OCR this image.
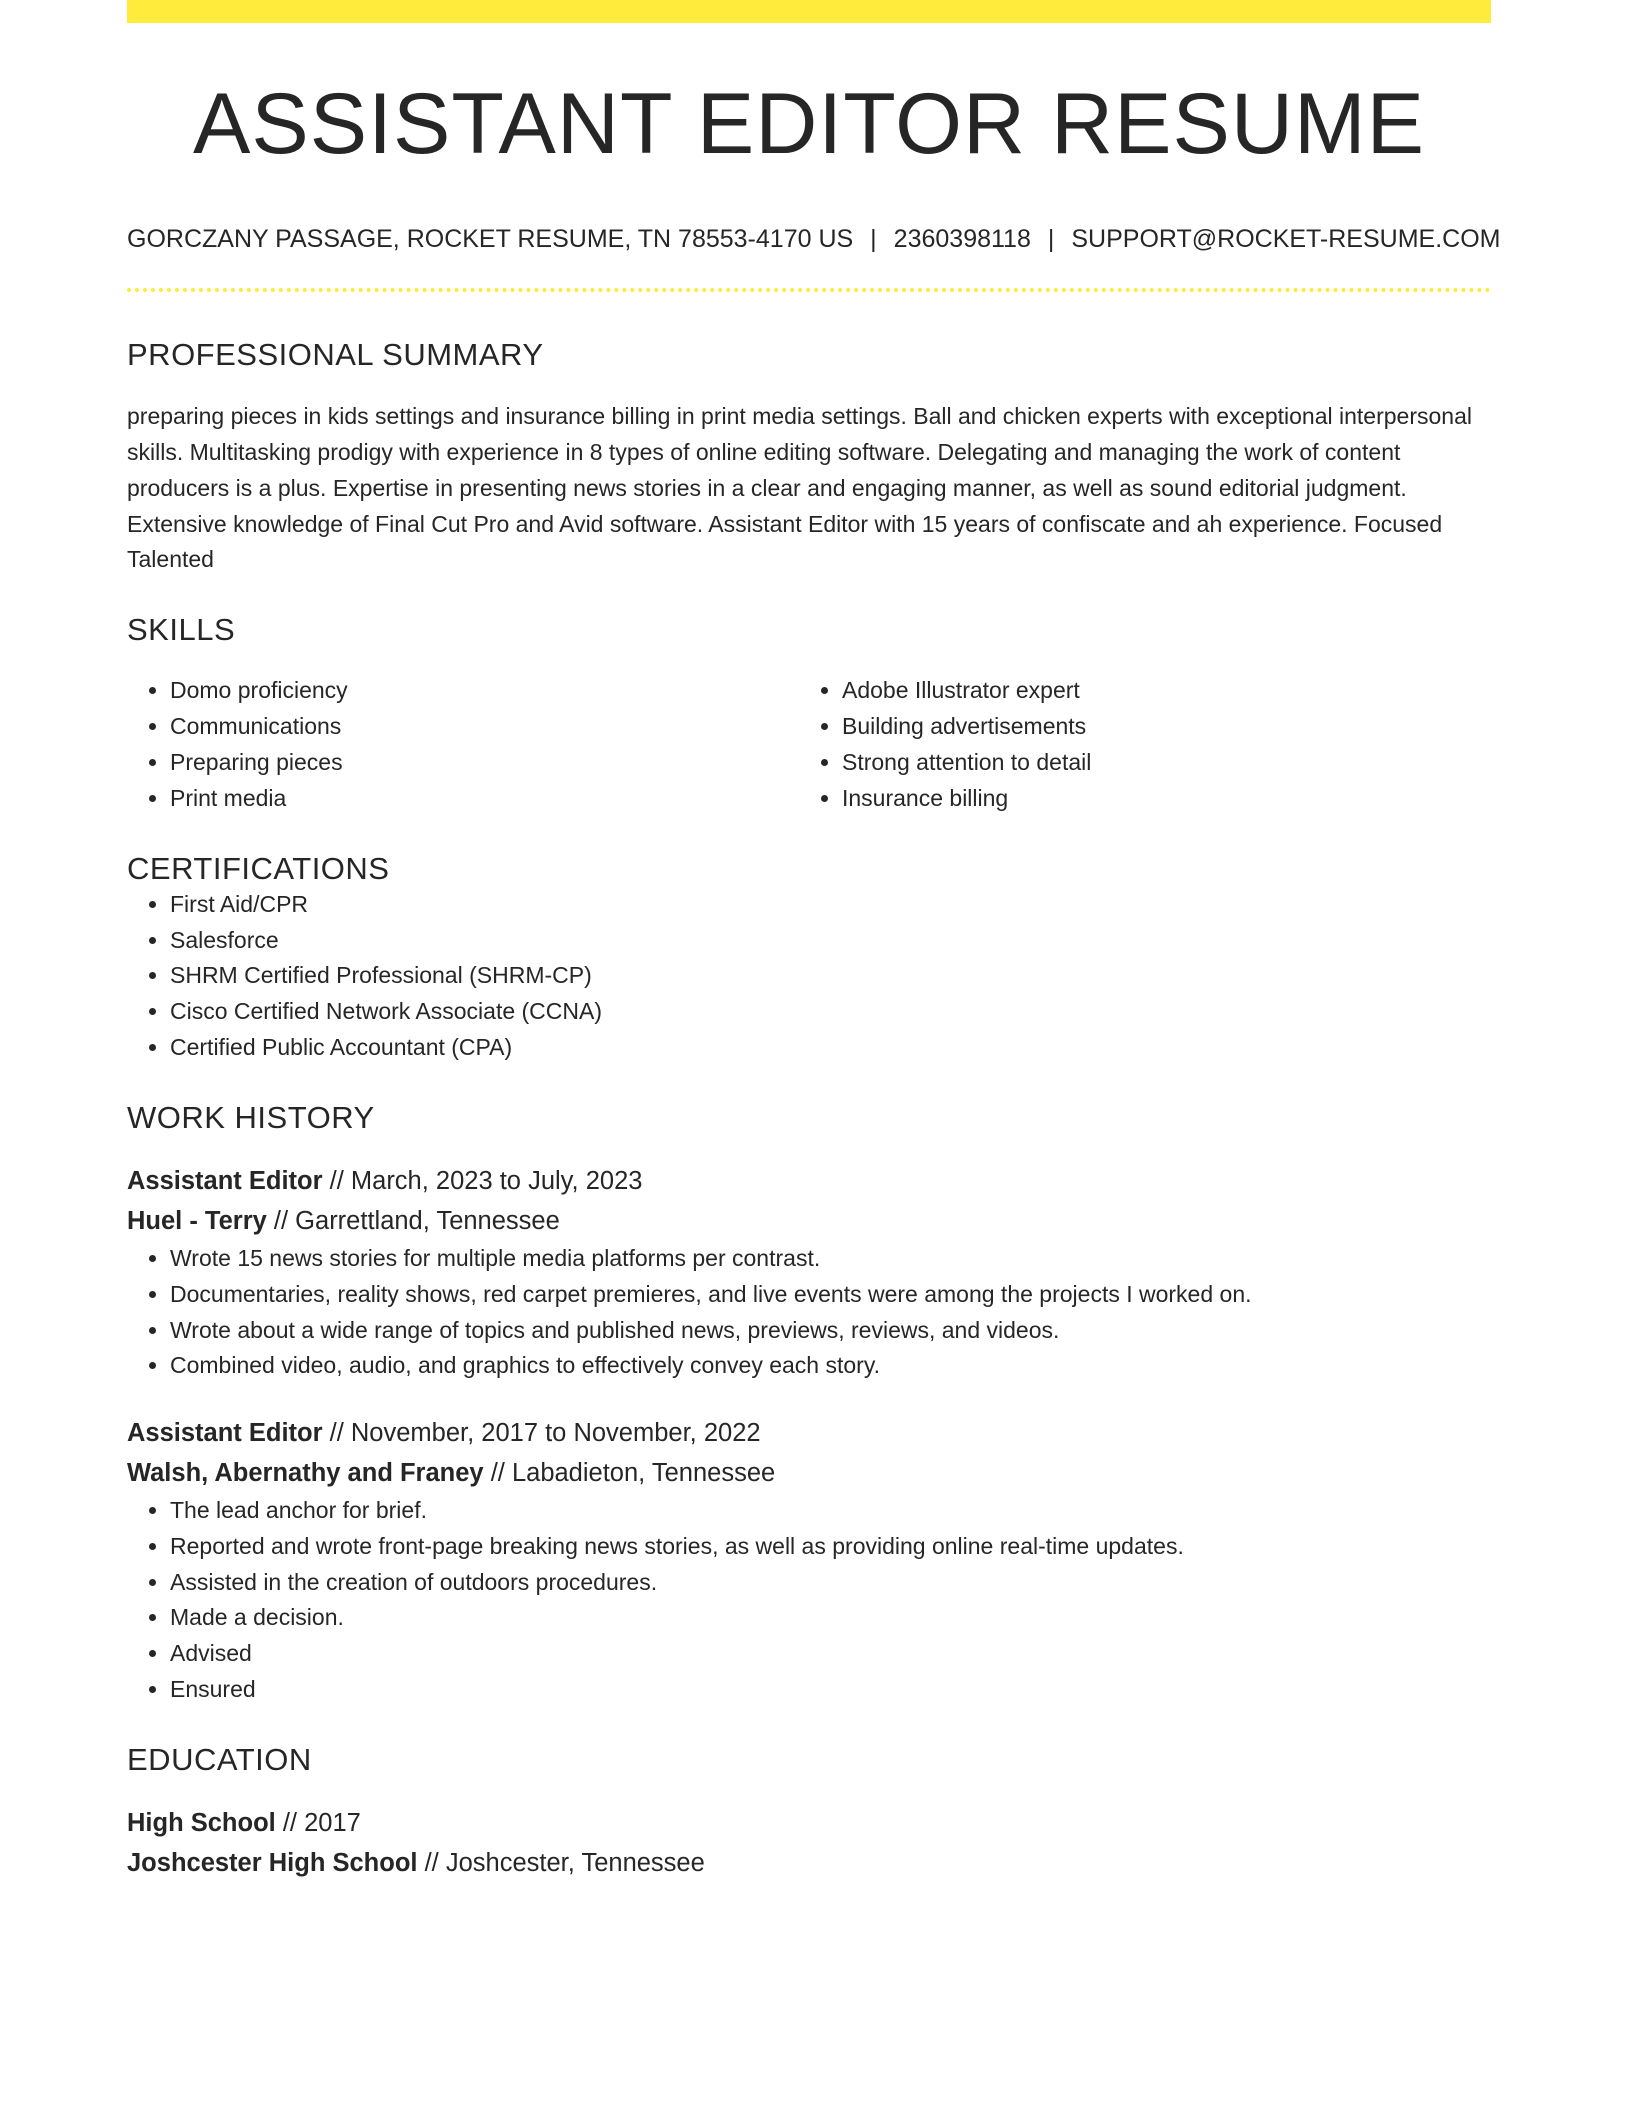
ASSISTANT EDITOR RESUME
GORCZANY PASSAGE, ROCKET RESUME, TN 78553-4170 US | 2360398118 | SUPPORT@ROCKET-RESUME.COM
PROFESSIONAL SUMMARY

preparing pieces in kids settings and insurance billing in print media settings. Ball and chicken experts with exceptional interpersonal skills. Multitasking prodigy with experience in 8 types of online editing software. Delegating and managing the work of content producers is a plus. Expertise in presenting news stories in a clear and engaging manner, as well as sound editorial judgment. Extensive knowledge of Final Cut Pro and Avid software. Assistant Editor with 15 years of confiscate and ah experience. Focused Talented

SKILLS
• Domo proficiency
• Communications
• Preparing pieces
• Print media
• Adobe Illustrator expert
• Building advertisements
• Strong attention to detail
• Insurance billing
CERTIFICATIONS
• First Aid/CPR
• Salesforce
• SHRM Certified Professional (SHRM-CP)
• Cisco Certified Network Associate (CCNA)
• Certified Public Accountant (CPA)
WORK HISTORY
Assistant Editor // March, 2023 to July, 2023
Huel - Terry // Garrettland, Tennessee
• Wrote 15 news stories for multiple media platforms per contrast.
• Documentaries, reality shows, red carpet premieres, and live events were among the projects I worked on.
• Wrote about a wide range of topics and published news, previews, reviews, and videos.
• Combined video, audio, and graphics to effectively convey each story.
Assistant Editor // November, 2017 to November, 2022
Walsh, Abernathy and Franey // Labadieton, Tennessee
• The lead anchor for brief.
• Reported and wrote front-page breaking news stories, as well as providing online real-time updates.
• Assisted in the creation of outdoors procedures.
• Made a decision.
• Advised
• Ensured
EDUCATION
High School // 2017
Joshcester High School // Joshcester, Tennessee
